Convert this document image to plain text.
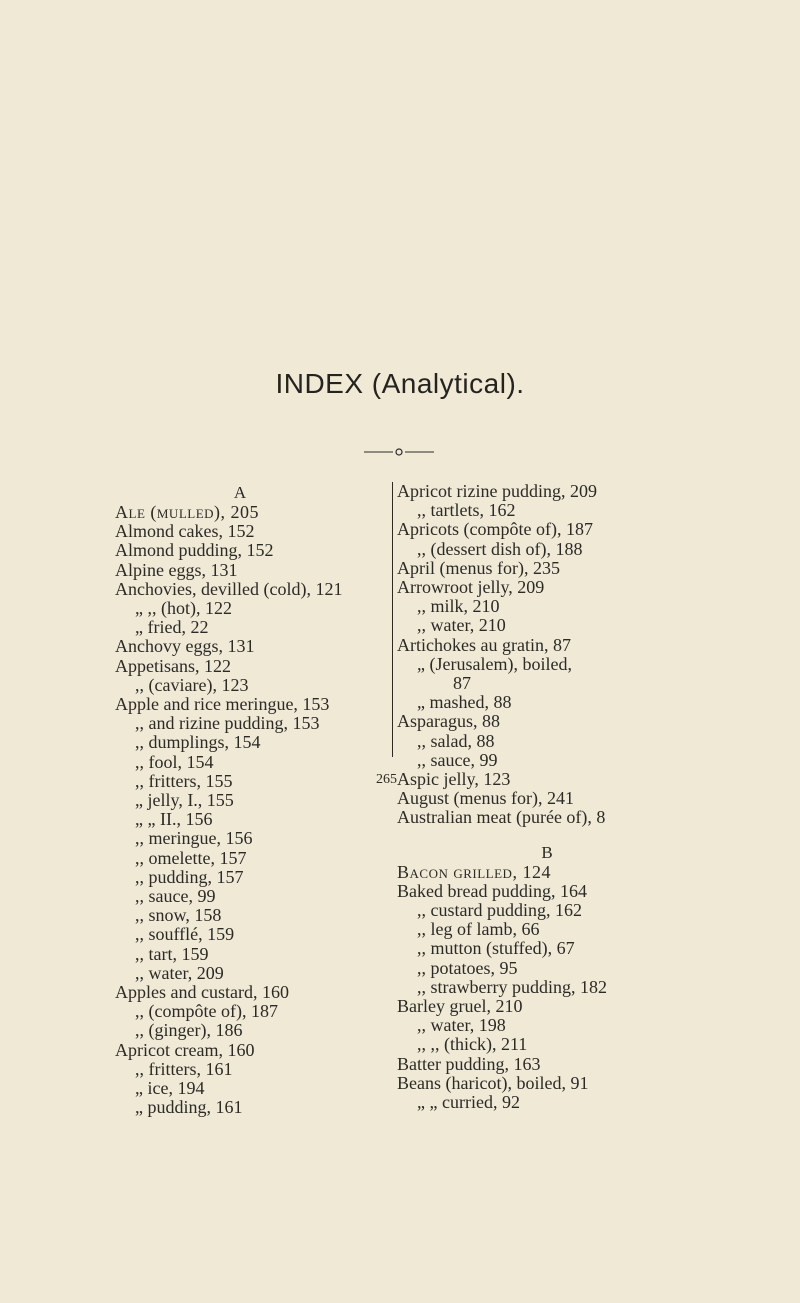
INDEX (Analytical).

A

Ale (mulled), 205

Almond cakes, 152

Almond pudding, 152

Alpine eggs, 131

Anchovies, devilled (cold), 121

„ ,, (hot), 122

„ fried, 22

Anchovy eggs, 131

Appetisans, 122

,, (caviare), 123

Apple and rice meringue, 153

,, and rizine pudding, 153

,, dumplings, 154

,, fool, 154

,, fritters, 155

„ jelly, I., 155

„ „ II., 156

,, meringue, 156

,, omelette, 157

,, pudding, 157

,, sauce, 99

,, snow, 158

,, soufflé, 159

,, tart, 159

,, water, 209

Apples and custard, 160

,, (compôte of), 187

,, (ginger), 186

Apricot cream, 160

,, fritters, 161

„ ice, 194

„ pudding, 161

Apricot rizine pudding, 209

,, tartlets, 162

Apricots (compôte of), 187

,, (dessert dish of), 188

April (menus for), 235

Arrowroot jelly, 209

,, milk, 210

,, water, 210

Artichokes au gratin, 87

„ (Jerusalem), boiled,

87

„ mashed, 88

Asparagus, 88

,, salad, 88

,, sauce, 99

Aspic jelly, 123

August (menus for), 241

Australian meat (purée of), 8

B

Bacon grilled, 124

Baked bread pudding, 164

,, custard pudding, 162

,, leg of lamb, 66

,, mutton (stuffed), 67

,, potatoes, 95

,, strawberry pudding, 182

Barley gruel, 210

,, water, 198

,, ,, (thick), 211

Batter pudding, 163

Beans (haricot), boiled, 91

„ „ curried, 92

265
